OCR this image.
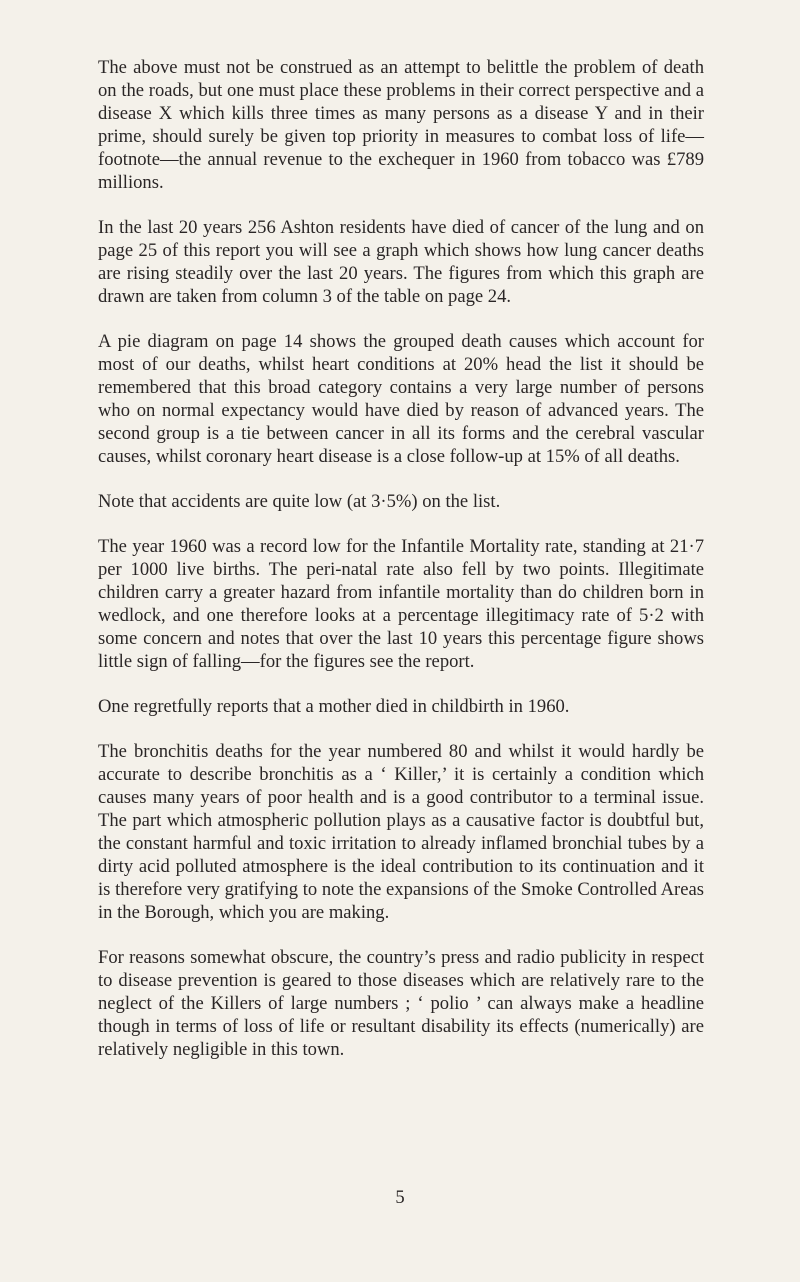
The above must not be construed as an attempt to belittle the problem of death on the roads, but one must place these problems in their correct perspective and a disease X which kills three times as many persons as a disease Y and in their prime, should surely be given top priority in measures to combat loss of life—footnote—the annual revenue to the exchequer in 1960 from tobacco was £789 millions.

In the last 20 years 256 Ashton residents have died of cancer of the lung and on page 25 of this report you will see a graph which shows how lung cancer deaths are rising steadily over the last 20 years. The figures from which this graph are drawn are taken from column 3 of the table on page 24.

A pie diagram on page 14 shows the grouped death causes which account for most of our deaths, whilst heart conditions at 20% head the list it should be remembered that this broad category contains a very large number of persons who on normal expectancy would have died by reason of advanced years. The second group is a tie between cancer in all its forms and the cerebral vascular causes, whilst coronary heart disease is a close follow-up at 15% of all deaths.

Note that accidents are quite low (at 3·5%) on the list.

The year 1960 was a record low for the Infantile Mortality rate, standing at 21·7 per 1000 live births. The peri-natal rate also fell by two points. Illegitimate children carry a greater hazard from infantile mortality than do children born in wedlock, and one therefore looks at a percentage illegitimacy rate of 5·2 with some concern and notes that over the last 10 years this percentage figure shows little sign of falling—for the figures see the report.

One regretfully reports that a mother died in childbirth in 1960.

The bronchitis deaths for the year numbered 80 and whilst it would hardly be accurate to describe bronchitis as a ‘ Killer,’ it is certainly a condition which causes many years of poor health and is a good contributor to a terminal issue. The part which atmospheric pollution plays as a causative factor is doubtful but, the constant harmful and toxic irritation to already inflamed bronchial tubes by a dirty acid polluted atmosphere is the ideal contribution to its continuation and it is therefore very gratifying to note the expansions of the Smoke Controlled Areas in the Borough, which you are making.

For reasons somewhat obscure, the country’s press and radio publicity in respect to disease prevention is geared to those diseases which are relatively rare to the neglect of the Killers of large numbers ; ‘ polio ’ can always make a headline though in terms of loss of life or resultant disability its effects (numerically) are relatively negligible in this town.

5
